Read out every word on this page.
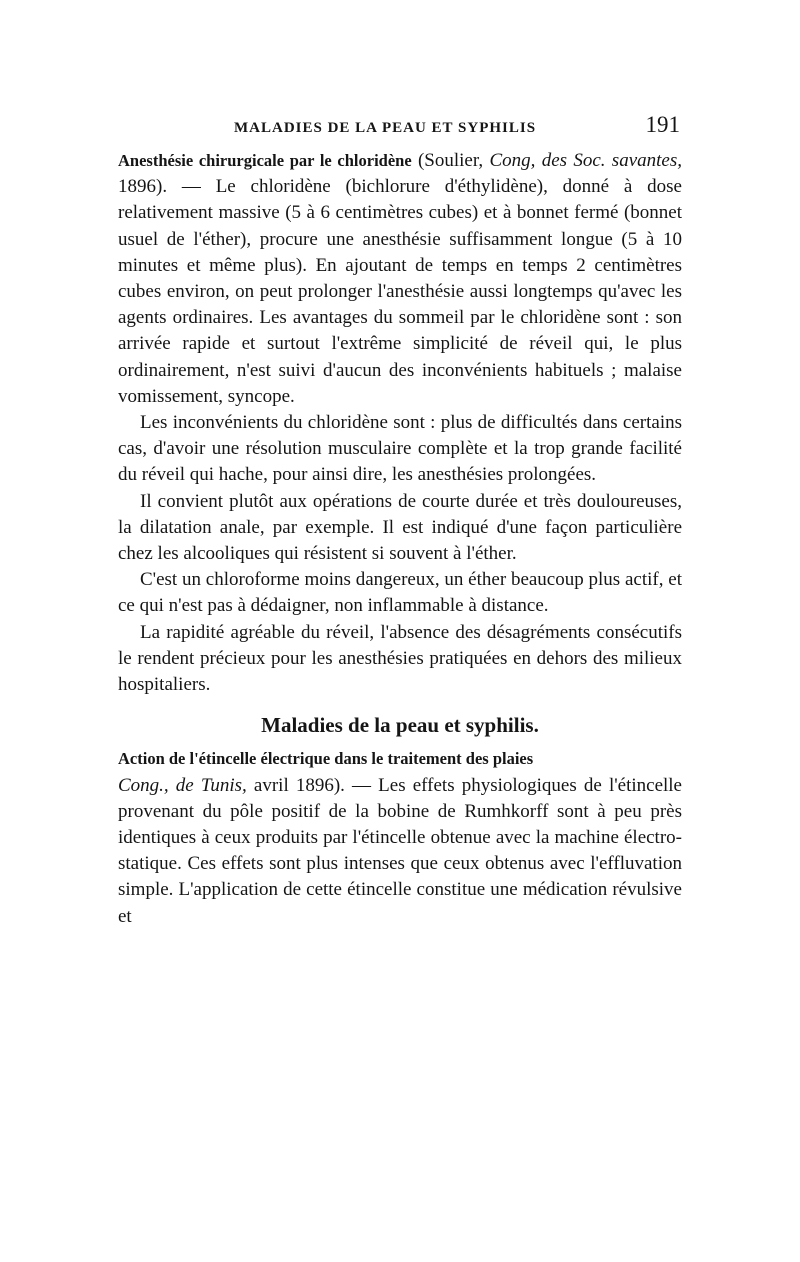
MALADIES DE LA PEAU ET SYPHILIS	191

Anesthésie chirurgicale par le chloridène (Soulier, Cong, des Soc. savantes, 1896). — Le chloridène (bichlorure d'éthylidène), donné à dose relativement massive (5 à 6 centimètres cubes) et à bonnet fermé (bonnet usuel de l'éther), procure une anesthésie suffisamment longue (5 à 10 minutes et même plus). En ajoutant de temps en temps 2 centimètres cubes environ, on peut prolonger l'anesthésie aussi longtemps qu'avec les agents ordinaires. Les avantages du sommeil par le chloridène sont : son arrivée rapide et surtout l'extrême simplicité de réveil qui, le plus ordinairement, n'est suivi d'aucun des inconvénients habituels ; malaise vomissement, syncope.

Les inconvénients du chloridène sont : plus de difficultés dans certains cas, d'avoir une résolution musculaire complète et la trop grande facilité du réveil qui hache, pour ainsi dire, les anesthésies prolongées.

Il convient plutôt aux opérations de courte durée et très douloureuses, la dilatation anale, par exemple. Il est indiqué d'une façon particulière chez les alcooliques qui résistent si souvent à l'éther.

C'est un chloroforme moins dangereux, un éther beaucoup plus actif, et ce qui n'est pas à dédaigner, non inflammable à distance.

La rapidité agréable du réveil, l'absence des désagréments consécutifs le rendent précieux pour les anesthésies pratiquées en dehors des milieux hospitaliers.

Maladies de la peau et syphilis.

Action de l'étincelle électrique dans le traitement des plaies
Cong., de Tunis, avril 1896). — Les effets physiologiques de l'étincelle provenant du pôle positif de la bobine de Rumhkorff sont à peu près identiques à ceux produits par l'étincelle obtenue avec la machine électro-statique. Ces effets sont plus intenses que ceux obtenus avec l'effluvation simple. L'application de cette étincelle constitue une médication révulsive et
